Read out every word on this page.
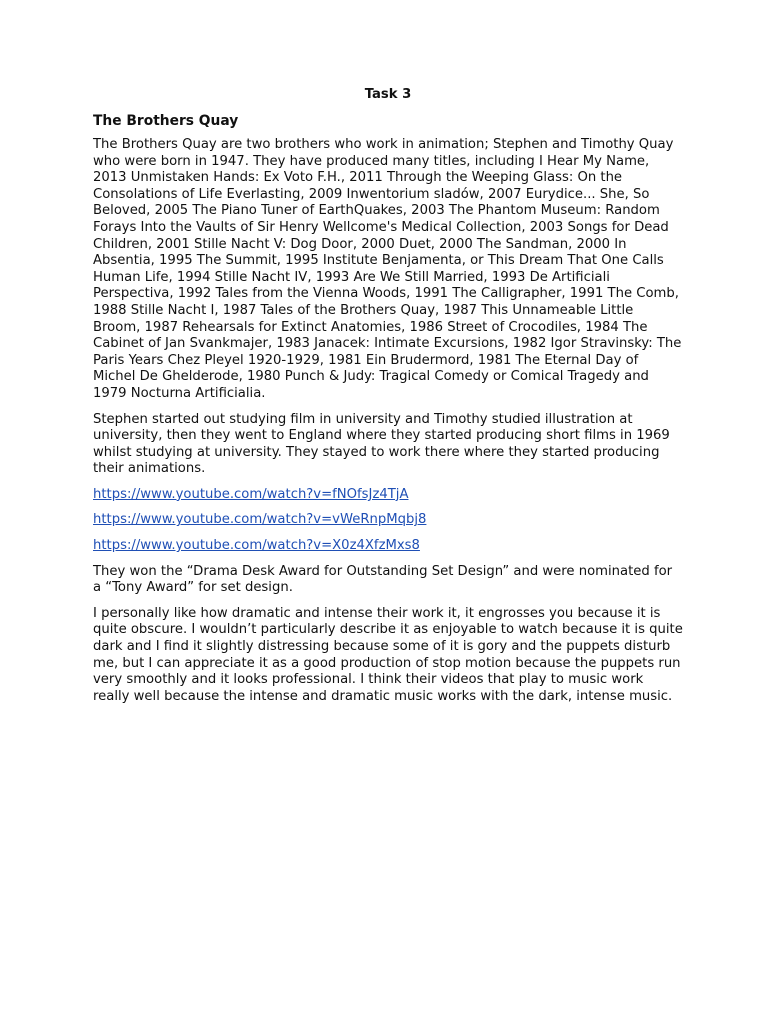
Task 3
The Brothers Quay

The Brothers Quay are two brothers who work in animation; Stephen and Timothy Quay who were born in 1947. They have produced many titles, including I Hear My Name, 2013 Unmistaken Hands: Ex Voto F.H., 2011 Through the Weeping Glass: On the Consolations of Life Everlasting, 2009 Inwentorium sladów, 2007 Eurydice... She, So Beloved, 2005 The Piano Tuner of EarthQuakes, 2003 The Phantom Museum: Random Forays Into the Vaults of Sir Henry Wellcome's Medical Collection, 2003 Songs for Dead Children, 2001 Stille Nacht V: Dog Door, 2000 Duet, 2000 The Sandman, 2000 In Absentia, 1995 The Summit, 1995 Institute Benjamenta, or This Dream That One Calls Human Life, 1994 Stille Nacht IV, 1993 Are We Still Married, 1993 De Artificiali Perspectiva, 1992 Tales from the Vienna Woods, 1991 The Calligrapher, 1991 The Comb, 1988 Stille Nacht I, 1987 Tales of the Brothers Quay, 1987 This Unnameable Little Broom, 1987 Rehearsals for Extinct Anatomies, 1986 Street of Crocodiles, 1984 The Cabinet of Jan Svankmajer, 1983 Janacek: Intimate Excursions, 1982 Igor Stravinsky: The Paris Years Chez Pleyel 1920-1929, 1981 Ein Brudermord, 1981 The Eternal Day of Michel De Ghelderode, 1980 Punch & Judy: Tragical Comedy or Comical Tragedy and 1979 Nocturna Artificialia.

Stephen started out studying film in university and Timothy studied illustration at university, then they went to England where they started producing short films in 1969 whilst studying at university. They stayed to work there where they started producing their animations.

https://www.youtube.com/watch?v=fNOfsJz4TjA
https://www.youtube.com/watch?v=vWeRnpMqbj8
https://www.youtube.com/watch?v=X0z4XfzMxs8

They won the “Drama Desk Award for Outstanding Set Design” and were nominated for a “Tony Award” for set design.

I personally like how dramatic and intense their work it, it engrosses you because it is quite obscure. I wouldn’t particularly describe it as enjoyable to watch because it is quite dark and I find it slightly distressing because some of it is gory and the puppets disturb me, but I can appreciate it as a good production of stop motion because the puppets run very smoothly and it looks professional. I think their videos that play to music work really well because the intense and dramatic music works with the dark, intense music.
